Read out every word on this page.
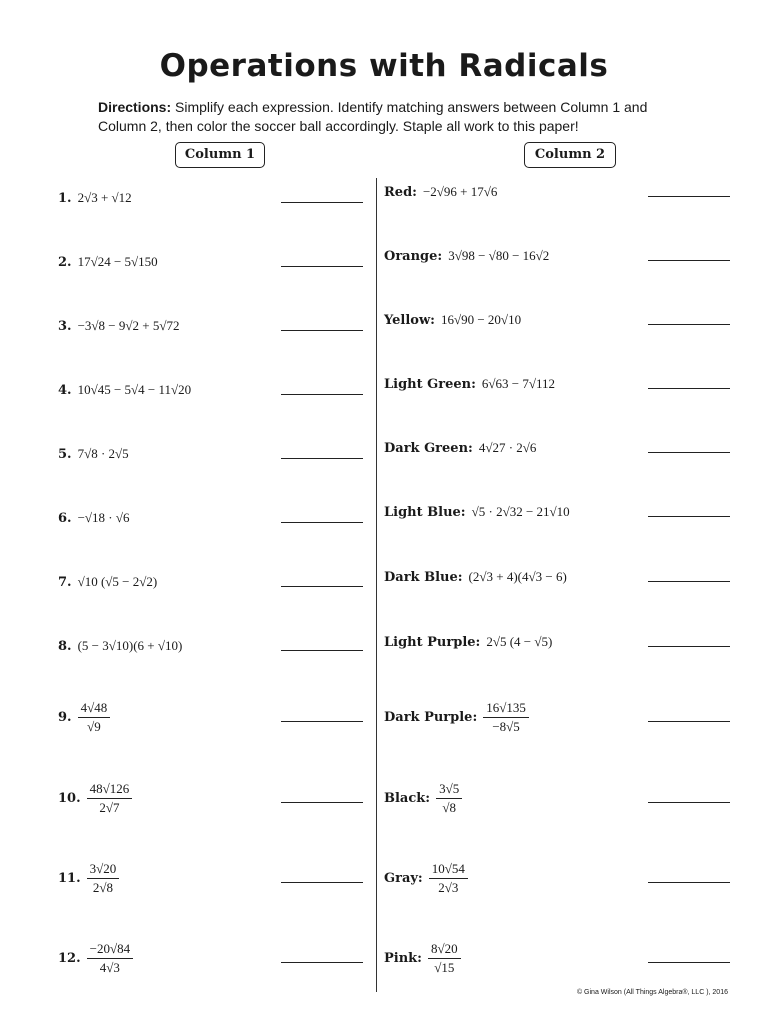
Operations with Radicals
Directions: Simplify each expression. Identify matching answers between Column 1 and Column 2, then color the soccer ball accordingly. Staple all work to this paper!
Column 1	Column 2
1. 2√3 + √12
2. 17√24 − 5√150
3. −3√8 − 9√2 + 5√72
4. 10√45 − 5√4 − 11√20
5. 7√8 · 2√5
6. −√18 · √6
7. √10 (√5 − 2√2)
8. (5 − 3√10)(6 + √10)
9. $\frac{4√48}{√9}$
10. $\frac{48√126}{2√7}$
11. $\frac{3√20}{2√8}$
12. $\frac{-20√84}{4√3}$
Red: −2√96 + 17√6
Orange: 3√98 − √80 − 16√2
Yellow: 16√90 − 20√10
Light Green: 6√63 − 7√112
Dark Green: 4√27 · 2√6
Light Blue: √5 · 2√32 − 21√10
Dark Blue: (2√3 + 4)(4√3 − 6)
Light Purple: 2√5 (4 − √5)
Dark Purple: $\frac{16√135}{-8√5}$
Black: $\frac{3√5}{√8}$
Gray: $\frac{10√54}{2√3}$
Pink: $\frac{8√20}{√15}$
© Gina Wilson (All Things Algebra®, LLC ), 2016
